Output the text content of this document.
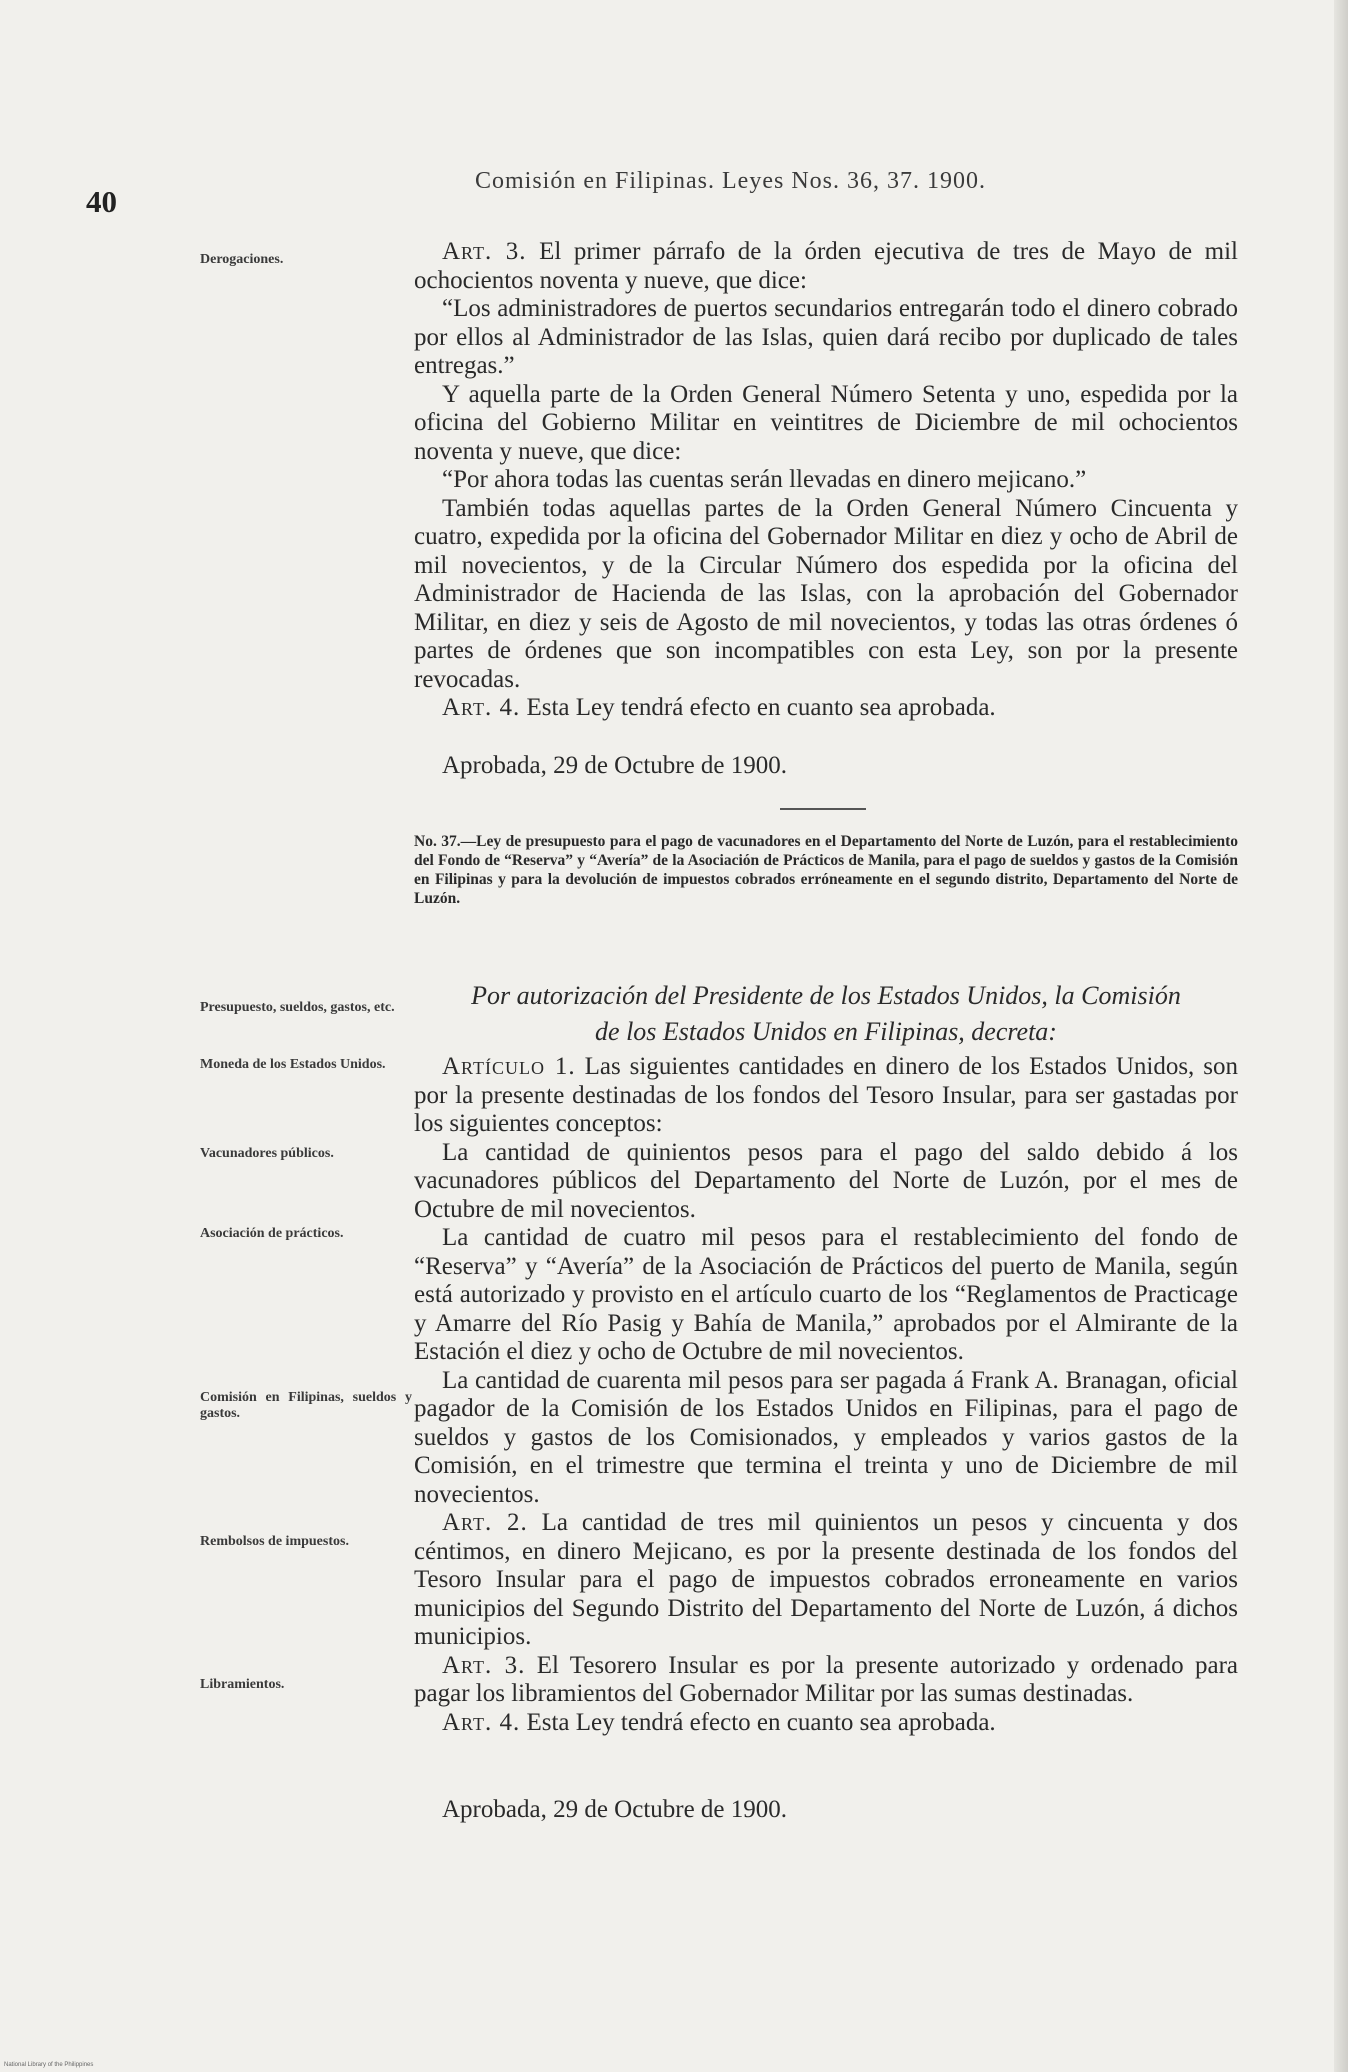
40
Comisión en Filipinas. Leyes Nos. 36, 37. 1900.
Derogaciones.
Presupuesto, sueldos, gastos, etc.
Moneda de los Estados Unidos.
Vacunadores públicos.
Asociación de prácticos.
Comisión en Filipinas, sueldos y gastos.
Rembolsos de impuestos.
Libramientos.

Art. 3. El primer párrafo de la órden ejecutiva de tres de Mayo de mil ochocientos noventa y nueve, que dice:

“Los administradores de puertos secundarios entregarán todo el dinero cobrado por ellos al Administrador de las Islas, quien dará recibo por duplicado de tales entregas.”

Y aquella parte de la Orden General Número Setenta y uno, espedida por la oficina del Gobierno Militar en veintitres de Diciembre de mil ochocientos noventa y nueve, que dice:

“Por ahora todas las cuentas serán llevadas en dinero mejicano.”

También todas aquellas partes de la Orden General Número Cincuenta y cuatro, expedida por la oficina del Gobernador Militar en diez y ocho de Abril de mil novecientos, y de la Circular Número dos espedida por la oficina del Administrador de Hacienda de las Islas, con la aprobación del Gobernador Militar, en diez y seis de Agosto de mil novecientos, y todas las otras órdenes ó partes de órdenes que son incompatibles con esta Ley, son por la presente revocadas.

Art. 4. Esta Ley tendrá efecto en cuanto sea aprobada.

Aprobada, 29 de Octubre de 1900.
No. 37.—Ley de presupuesto para el pago de vacunadores en el Departamento del Norte de Luzón, para el restablecimiento del Fondo de “Reserva” y “Avería” de la Asociación de Prácticos de Manila, para el pago de sueldos y gastos de la Comisión en Filipinas y para la devolución de impuestos cobrados erróneamente en el segundo distrito, Departamento del Norte de Luzón.
Por autorización del Presidente de los Estados Unidos, la Comisión
de los Estados Unidos en Filipinas, decreta:

Artículo 1. Las siguientes cantidades en dinero de los Estados Unidos, son por la presente destinadas de los fondos del Tesoro Insular, para ser gastadas por los siguientes conceptos:

La cantidad de quinientos pesos para el pago del saldo debido á los vacunadores públicos del Departamento del Norte de Luzón, por el mes de Octubre de mil novecientos.

La cantidad de cuatro mil pesos para el restablecimiento del fondo de “Reserva” y “Avería” de la Asociación de Prácticos del puerto de Manila, según está autorizado y provisto en el artículo cuarto de los “Reglamentos de Practicage y Amarre del Río Pasig y Bahía de Manila,” aprobados por el Almirante de la Estación el diez y ocho de Octubre de mil novecientos.

La cantidad de cuarenta mil pesos para ser pagada á Frank A. Branagan, oficial pagador de la Comisión de los Estados Unidos en Filipinas, para el pago de sueldos y gastos de los Comisionados, y empleados y varios gastos de la Comisión, en el trimestre que termina el treinta y uno de Diciembre de mil novecientos.

Art. 2. La cantidad de tres mil quinientos un pesos y cincuenta y dos céntimos, en dinero Mejicano, es por la presente destinada de los fondos del Tesoro Insular para el pago de impuestos cobrados erroneamente en varios municipios del Segundo Distrito del Departamento del Norte de Luzón, á dichos municipios.

Art. 3. El Tesorero Insular es por la presente autorizado y ordenado para pagar los libramientos del Gobernador Militar por las sumas destinadas.

Art. 4. Esta Ley tendrá efecto en cuanto sea aprobada.

Aprobada, 29 de Octubre de 1900.
National Library of the Philippines
